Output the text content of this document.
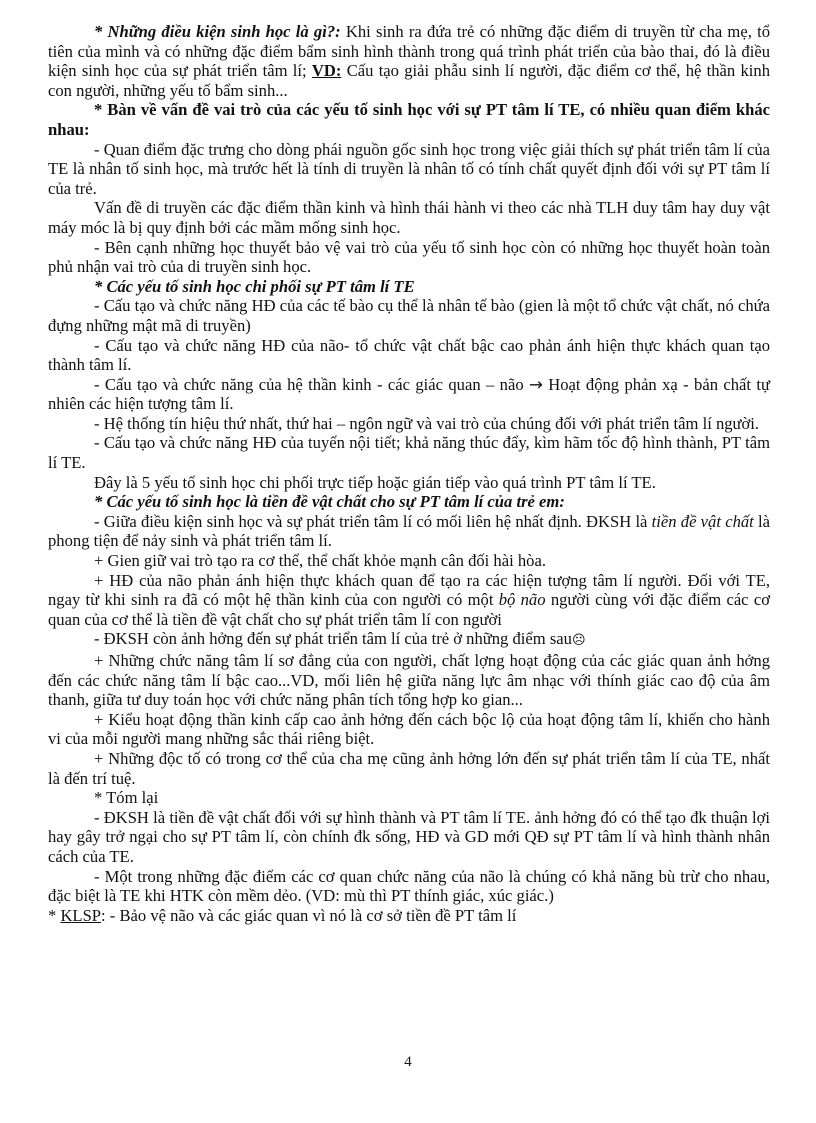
* Những điều kiện sinh học là gì?: Khi sinh ra đứa trẻ có những đặc điểm di truyền từ cha mẹ, tổ tiên của mình và có những đặc điểm bẩm sinh hình thành trong quá trình phát triển của bào thai, đó là điều kiện sinh học của sự phát triển tâm lí; VD: Cấu tạo giải phẫu sinh lí người, đặc điểm cơ thể, hệ thần kinh con người, những yếu tố bẩm sinh...

* Bàn về vấn đề vai trò của các yếu tố sinh học với sự PT tâm lí TE, có nhiều quan điểm khác nhau:

- Quan điểm đặc trưng cho dòng phái nguồn gốc sinh học trong việc giải thích sự phát triển tâm lí của TE là nhân tố sinh học, mà trước hết là tính di truyền là nhân tố có tính chất quyết định đối với sự PT tâm lí của trẻ.

Vấn đề di truyền các đặc điểm thần kinh và hình thái hành vi theo các nhà TLH duy tâm hay duy vật máy móc là bị quy định bởi các mầm mống sinh học.

- Bên cạnh những học thuyết bảo vệ vai trò của yếu tố sinh học còn có những học thuyết hoàn toàn phủ nhận vai trò của di truyền sinh học.

* Các yếu tố sinh học chi phối sự PT tâm lí TE

- Cấu tạo và chức năng HĐ của các tế bào cụ thể là nhân tế bào (gien là một tổ chức vật chất, nó chứa đựng những mật mã di truyền)

- Cấu tạo và chức năng HĐ của não- tổ chức vật chất bậc cao phản ánh hiện thực khách quan tạo thành tâm lí.

- Cấu tạo và chức năng của hệ thần kinh - các giác quan – não → Hoạt động phản xạ - bản chất tự nhiên các hiện tượng tâm lí.

- Hệ thống tín hiệu thứ nhất, thứ hai – ngôn ngữ và vai trò của chúng đối với phát triển tâm lí người.

- Cấu tạo và chức năng HĐ của tuyến nội tiết; khả năng thúc đẩy, kìm hãm tốc độ hình thành, PT tâm lí TE.

Đây là 5 yếu tố sinh học chi phối trực tiếp hoặc gián tiếp vào quá trình PT tâm lí TE.

* Các yếu tố sinh học là tiền đề vật chất cho sự PT tâm lí của trẻ em:

- Giữa điều kiện sinh học và sự phát triển tâm lí có mối liên hệ nhất định. ĐKSH là tiền đề vật chất là phong tiện để nảy sinh và phát triển tâm lí.

+ Gien giữ vai trò tạo ra cơ thể, thể chất khỏe mạnh cân đối hài hòa.

+ HĐ của não phản ánh hiện thực khách quan để tạo ra các hiện tượng tâm lí người. Đối với TE, ngay từ khi sinh ra đã có một hệ thần kinh của con người có một bộ não người cùng với đặc điểm các cơ quan của cơ thể là tiền đề vật chất cho sự phát triển tâm lí con người

- ĐKSH còn ảnh hởng đến sự phát triển tâm lí của trẻ ở những điểm sau☹

+ Những chức năng tâm lí sơ đẳng của con người, chất lợng hoạt động của các giác quan ảnh hởng đến các chức năng tâm lí bậc cao...VD, mối liên hệ giữa năng lực âm nhạc với thính giác cao độ của âm thanh, giữa tư duy toán học với chức năng phân tích tổng hợp ko gian...

+ Kiểu hoạt động thần kinh cấp cao ảnh hởng đến cách bộc lộ của hoạt động tâm lí, khiến cho hành vi của mỗi người mang những sắc thái riêng biệt.

+ Những độc tố có trong cơ thể của cha mẹ cũng ảnh hởng lớn đến sự phát triển tâm lí của TE, nhất là đến trí tuệ.

* Tóm lại

- ĐKSH là tiền đề vật chất đối với sự hình thành và PT tâm lí TE. ảnh hởng đó có thể tạo đk thuận lợi hay gây trở ngại cho sự PT tâm lí, còn chính đk sống, HĐ và GD mới QĐ sự PT tâm lí và hình thành nhân cách của TE.

- Một trong những đặc điểm các cơ quan chức năng của não là chúng có khả năng bù trừ cho nhau, đặc biệt là TE khi HTK còn mềm dẻo. (VD: mù thì PT thính giác, xúc giác.)

* KLSP: - Bảo vệ não và các giác quan vì nó là cơ sở tiền đề PT tâm lí

4
